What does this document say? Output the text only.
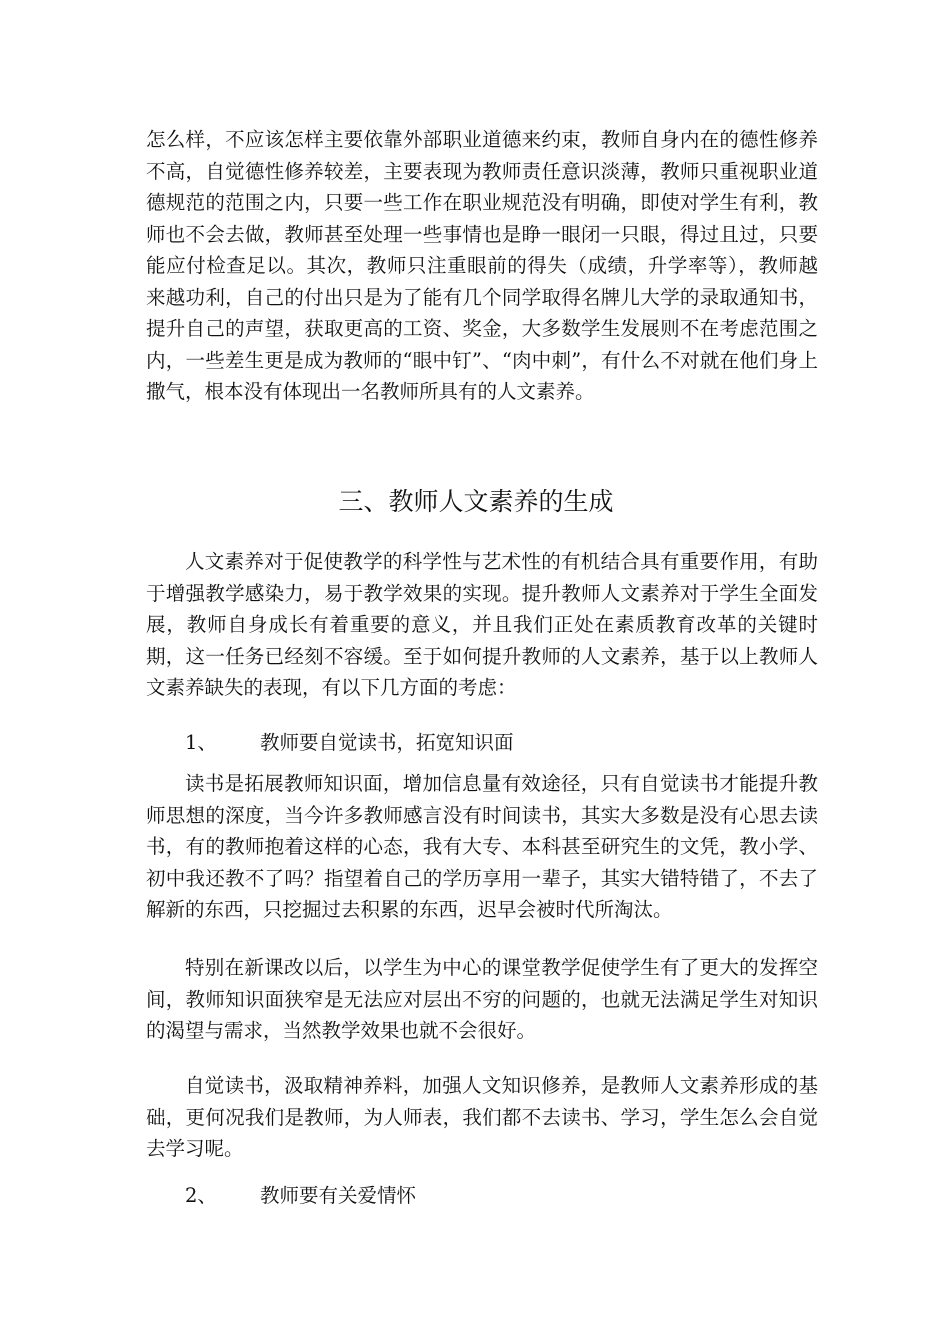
怎么样，不应该怎样主要依靠外部职业道德来约束，教师自身内在的德性修养不高，自觉德性修养较差，主要表现为教师责任意识淡薄，教师只重视职业道德规范的范围之内，只要一些工作在职业规范没有明确，即使对学生有利，教师也不会去做，教师甚至处理一些事情也是睁一眼闭一只眼，得过且过，只要能应付检查足以。其次，教师只注重眼前的得失（成绩，升学率等），教师越来越功利，自己的付出只是为了能有几个同学取得名牌儿大学的录取通知书，提升自己的声望，获取更高的工资、奖金，大多数学生发展则不在考虑范围之内，一些差生更是成为教师的“眼中钉”、“肉中刺”，有什么不对就在他们身上撒气，根本没有体现出一名教师所具有的人文素养。

三、教师人文素养的生成

人文素养对于促使教学的科学性与艺术性的有机结合具有重要作用，有助于增强教学感染力，易于教学效果的实现。提升教师人文素养对于学生全面发展，教师自身成长有着重要的意义，并且我们正处在素质教育改革的关键时期，这一任务已经刻不容缓。至于如何提升教师的人文素养，基于以上教师人文素养缺失的表现，有以下几方面的考虑：

1、 教师要自觉读书，拓宽知识面

读书是拓展教师知识面，增加信息量有效途径，只有自觉读书才能提升教师思想的深度，当今许多教师感言没有时间读书，其实大多数是没有心思去读书，有的教师抱着这样的心态，我有大专、本科甚至研究生的文凭，教小学、初中我还教不了吗？指望着自己的学历享用一辈子，其实大错特错了，不去了解新的东西，只挖掘过去积累的东西，迟早会被时代所淘汰。

特别在新课改以后，以学生为中心的课堂教学促使学生有了更大的发挥空间，教师知识面狭窄是无法应对层出不穷的问题的，也就无法满足学生对知识的渴望与需求，当然教学效果也就不会很好。

自觉读书，汲取精神养料，加强人文知识修养，是教师人文素养形成的基础，更何况我们是教师，为人师表，我们都不去读书、学习，学生怎么会自觉去学习呢。

2、 教师要有关爱情怀
